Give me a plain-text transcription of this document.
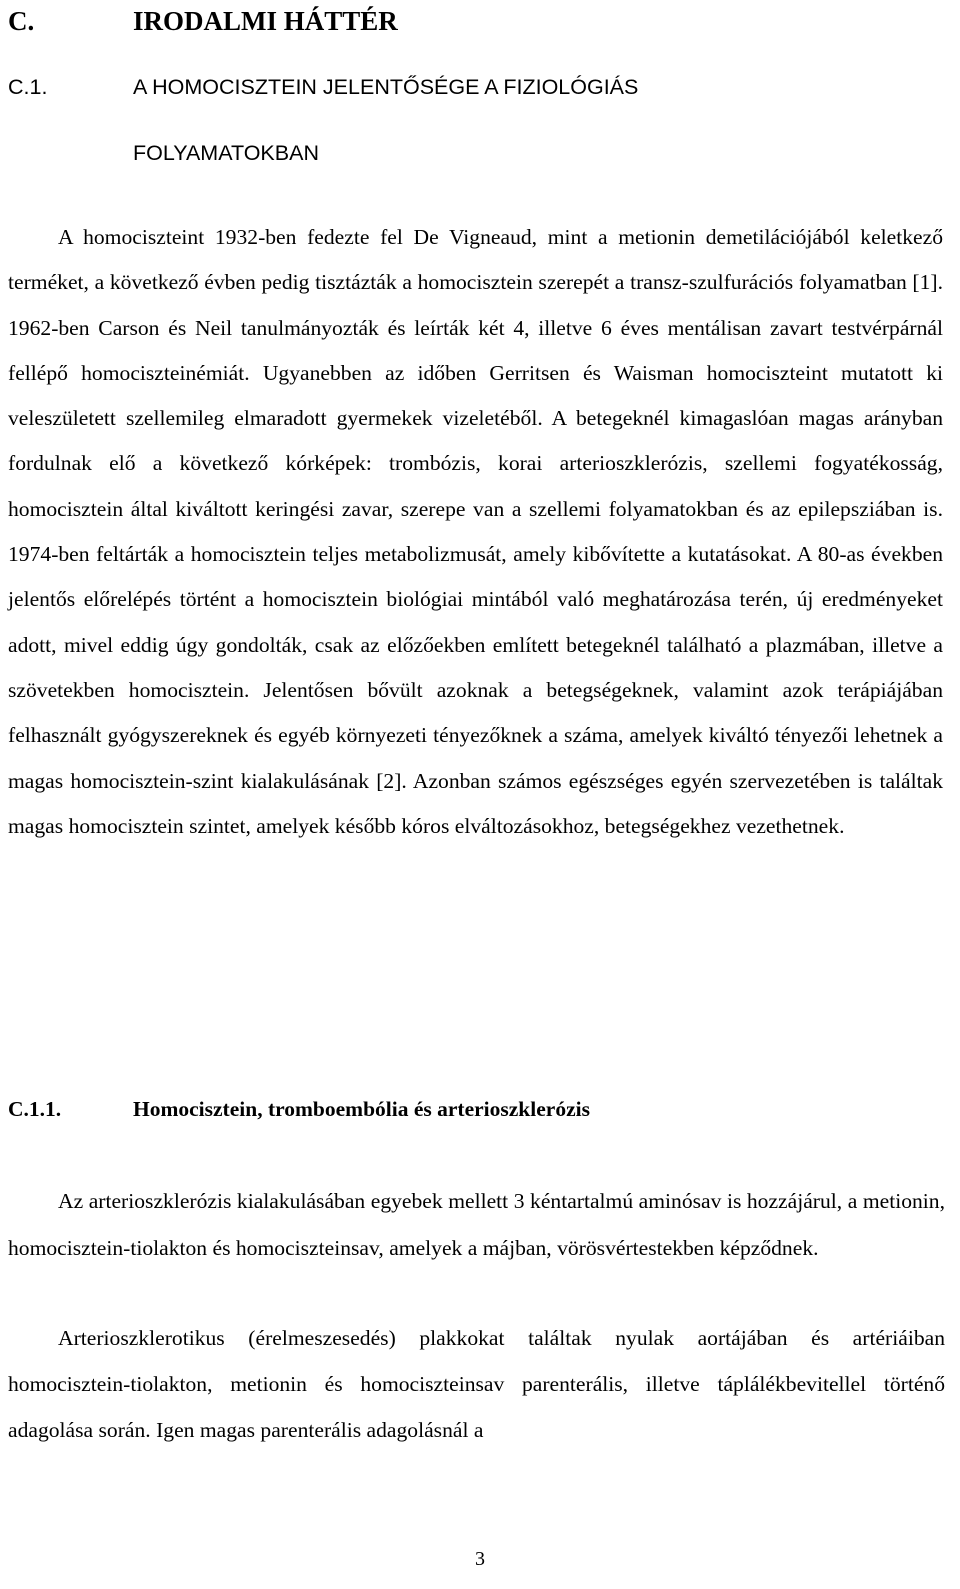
C.	IRODALMI HÁTTÉR
C.1.	A HOMOCISZTEIN JELENTŐSÉGE A FIZIOLÓGIÁS
FOLYAMATOKBAN

A homociszteint 1932-ben fedezte fel De Vigneaud, mint a metionin demetilációjából keletkező terméket, a következő évben pedig tisztázták a homocisztein szerepét a transz-szulfurációs folyamatban [1]. 1962-ben Carson és Neil tanulmányozták és leírták két 4, illetve 6 éves mentálisan zavart testvérpárnál fellépő homociszteinémiát. Ugyanebben az időben Gerritsen és Waisman homociszteint mutatott ki veleszületett szellemileg elmaradott gyermekek vizeletéből. A betegeknél kimagaslóan magas arányban fordulnak elő a következő kórképek: trombózis, korai arterioszklerózis, szellemi fogyatékosság, homocisztein által kiváltott keringési zavar, szerepe van a szellemi folyamatokban és az epilepsziában is. 1974-ben feltárták a homocisztein teljes metabolizmusát, amely kibővítette a kutatásokat. A 80-as években jelentős előrelépés történt a homocisztein biológiai mintából való meghatározása terén, új eredményeket adott, mivel eddig úgy gondolták, csak az előzőekben említett betegeknél található a plazmában, illetve a szövetekben homocisztein. Jelentősen bővült azoknak a betegségeknek, valamint azok terápiájában felhasznált gyógyszereknek és egyéb környezeti tényezőknek a száma, amelyek kiváltó tényezői lehetnek a magas homocisztein-szint kialakulásának [2]. Azonban számos egészséges egyén szervezetében is találtak magas homocisztein szintet, amelyek később kóros elváltozásokhoz, betegségekhez vezethetnek.

C.1.1.	Homocisztein, tromboembólia és arterioszklerózis

Az arterioszklerózis kialakulásában egyebek mellett 3 kéntartalmú aminósav is hozzájárul, a metionin, homocisztein-tiolakton és homociszteinsav, amelyek a májban, vörösvértestekben képződnek.

Arterioszklerotikus (érelmeszesedés) plakkokat találtak nyulak aortájában és artériáiban homocisztein-tiolakton, metionin és homociszteinsav parenterális, illetve táplálékbevitellel történő adagolása során. Igen magas parenterális adagolásnál a

3
